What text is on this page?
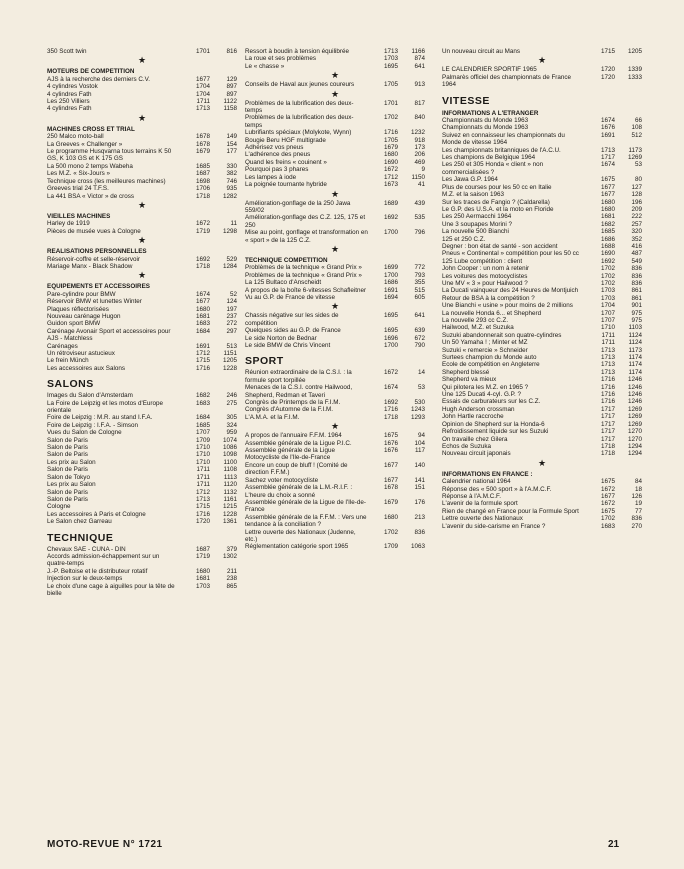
350 Scott twin	1701	816
★
MOTEURS DE COMPETITION
AJS à la recherche des derniers C.V.	1677	129
4 cylindres Vostok	1704	897
4 cylindres Fath	1704	897
Les 250 Villiers	1711	1122
4 cylindres Fath	1713	1158
★
MACHINES CROSS ET TRIAL
250 Malco moto-ball	1678	149
La Greeves « Challenger »	1678	154
Le programme Husqvarna tous terrains K 50 GS, K 103 GS et K 175 GS
1679	177
La 500 mono 2 temps Wabeha	1685	330
Les M.Z. « Six-Jours »	1687	382
Technique cross (les meilleures machines)	1698	746
Greeves trial 24 T.F.S.	1706	935
La 441 BSA « Victor » de cross	1718	1282
★
VIEILLES MACHINES
Harley de 1919	1672	11
Pièces de musée vues à Cologne	1719	1298
★
REALISATIONS PERSONNELLES
Réservoir-coffre et selle-réservoir	1692	529
Mariage Manx - Black Shadow	1718	1284
★
EQUIPEMENTS ET ACCESSOIRES
Pare-cylindre pour BMW	1674	52
Réservoir BMW et lunettes Winter	1677	124
Plaques réflectorisées	1680	197
Nouveau carénage Hugon	1681	237
Guidon sport BMW	1683	272
Carénage Avonair Sport et accessoires pour AJS - Matchless
1684	297
Carénages	1691	513
Un rétroviseur astucieux	1712	1151
Le frein Münch	1715	1205
Les accessoires aux Salons	1716	1228
SALONS
Images du Salon d'Amsterdam	1682	246
La Foire de Leipzig et les motos d'Europe orientale
1683	275
Foire de Leipzig : M.R. au stand I.F.A.	1684	305
Foire de Leipzig : I.F.A. - Simson	1685	324
Vues du Salon de Cologne	1707	959
Salon de Paris	1709	1074
Salon de Paris	1710	1086
Salon de Paris	1710	1098
Les prix au Salon	1710	1100
Salon de Paris	1711	1108
Salon de Tokyo	1711	1113
Les prix au Salon	1711	1120
Salon de Paris	1712	1132
Salon de Paris	1713	1161
Cologne	1715	1215
Les accessoires à Paris et Cologne	1716	1228
Le Salon chez Garreau	1720	1361
TECHNIQUE
Chevaux SAE - CUNA - DIN	1687	379
Accords admission-échappement sur un quatre-temps
1719	1302
J.-P. Beltoise et le distributeur rotatif	1680	211
Injection sur le deux-temps	1681	238
Le choix d'une cage à aiguilles pour la tête de bielle
1703	865
Ressort à boudin à tension équilibrée	1713	1166
La roue et ses problèmes	1703	874
Le « chasse »	1695	641
★
Conseils de Haval aux jeunes coureurs	1705	913
★
Problèmes de la lubrification des deux-temps
1701	817
Problèmes de la lubrification des deux-temps
1702	840
Lubrifiants spéciaux (Molykote, Wynn)	1716	1232
Bougie Beru HGF multigrade	1705	918
Adhérisez vos pneus	1679	173
L'adhérence des pneus	1680	206
Quand les freins « couinent »	1690	469
Pourquoi pas 3 phares	1672	9
Les lampes à iode	1712	1150
La poignée tournante hybride	1673	41
★
Amélioration-gonflage de la 250 Jawa 559/02
1689	439
Amélioration-gonflage des C.Z. 125, 175 et 250
1692	535
Mise au point, gonflage et transformation en « sport » de la 125 C.Z.
1700	796
★
TECHNIQUE COMPETITION
Problèmes de la technique « Grand Prix »	1699	772
Problèmes de la technique « Grand Prix »	1700	793
La 125 Bultaco d'Anscheidt	1686	355
A propos de la boîte 6-vitesses Schafleitner	1691	515
Vu au G.P. de France de vitesse	1694	605
★
Chassis négative sur les sides de compétition
1695	641
Quelques sides au G.P. de France	1695	639
Le side Norton de Bednar	1696	672
Le side BMW de Chris Vincent	1700	790
SPORT
Réunion extraordinaire de la C.S.I. : la formule sport torpillée
1672	14
Menaces de la C.S.I. contre Hailwood, Shepherd, Redman et Taveri
1674	53
Congrès de Printemps de la F.I.M.	1692	530
Congrès d'Automne de la F.I.M.	1716	1243
L'A.M.A. et la F.I.M.	1718	1293
★
A propos de l'annuaire F.F.M. 1964	1675	94
Assemblée générale de la Ligue P.I.C.	1676	104
Assemblée générale de la Ligue Motocycliste de l'Ile-de-France
1676	117
Encore un coup de bluff ! (Comité de direction F.F.M.)
1677	140
Sachez voter motocycliste	1677	141
Assemblée générale de la L.M.-R.I.F. : L'heure du choix a sonné
1678	151
Assemblée générale de la Ligue de l'Ile-de-France
1679	176
Assemblée générale de la F.F.M. : Vers une tendance à la conciliation ?
1680	213
Lettre ouverte des Nationaux (Judenne, etc.)
1702	836
Réglementation catégorie sport 1965	1709	1063
Un nouveau circuit au Mans	1715	1205
★
LE CALENDRIER SPORTIF 1965	1720	1339
Palmarès officiel des championnats de France 1964
1720	1333
VITESSE
INFORMATIONS A L'ETRANGER
Championnats du Monde 1963	1674	66
Championnats du Monde 1963	1676	108
Suivez en connaisseur les championnats du Monde de vitesse 1964
1691	512
Les championnats britanniques de l'A.C.U.	1713	1173
Les champions de Belgique 1964	1717	1269
Les 250 et 305 Honda « client » non commercialisées ?
1674	53
Les Jawa G.P. 1964	1675	80
Plus de courses pour les 50 cc en Italie	1677	127
M.Z. et la saison 1963	1677	128
Sur les traces de Fangio ? (Caldarella)	1680	196
Le G.P. des U.S.A. et la moto en Floride	1680	209
Les 250 Aermacchi 1964	1681	222
Une 3 soupapes Morini ?	1682	257
La nouvelle 500 Bianchi	1685	320
125 et 250 C.Z.	1686	352
Degner : bon état de santé - son accident	1688	416
Pneus « Continental » compétition pour les 50 cc	1690	487
125 Lube compétition : client	1692	549
John Cooper : un nom à retenir	1702	836
Les voitures des motocyclistes	1702	836
Une MV « 3 » pour Hailwood ?	1702	836
La Ducati vainqueur des 24 Heures de Montjuich	1703	861
Retour de BSA à la compétition ?	1703	861
Une Bianchi « usine » pour moins de 2 millions	1704	901
La nouvelle Honda 6... et Shepherd	1707	975
La nouvelle 293 cc C.Z.	1707	975
Hailwood, M.Z. et Suzuka	1710	1103
Suzuki abandonnerait son quatre-cylindres	1711	1124
Un 50 Yamaha ! ; Minter et MZ	1711	1124
Suzuki « remercie » Schneider	1713	1173
Surtees champion du Monde auto	1713	1174
Ecole de compétition en Angleterre	1713	1174
Shepherd blessé	1713	1174
Shepherd va mieux	1716	1246
Qui pilotera les M.Z. en 1965 ?	1716	1246
Une 125 Ducati 4-cyl. G.P. ?	1716	1246
Essais de carburateurs sur les C.Z.	1716	1246
Hugh Anderson crossman	1717	1269
John Hartle raccroche	1717	1269
Opinion de Shepherd sur la Honda-6	1717	1269
Refroidissement liquide sur les Suzuki	1717	1270
On travaille chez Gilera	1717	1270
Echos de Suzuka	1718	1294
Nouveau circuit japonais	1718	1294
★
INFORMATIONS EN FRANCE :
Calendrier national 1964	1675	84
Réponse des « 500 sport » à l'A.M.C.F.	1672	18
Réponse à l'A.M.C.F.	1677	126
L'avenir de la formule sport	1672	19
Rien de changé en France pour la Formule Sport	1675	77
Lettre ouverte des Nationaux	1702	836
L'avenir du side-carisme en France ?	1683	270
MOTO-REVUE N° 1721	21
